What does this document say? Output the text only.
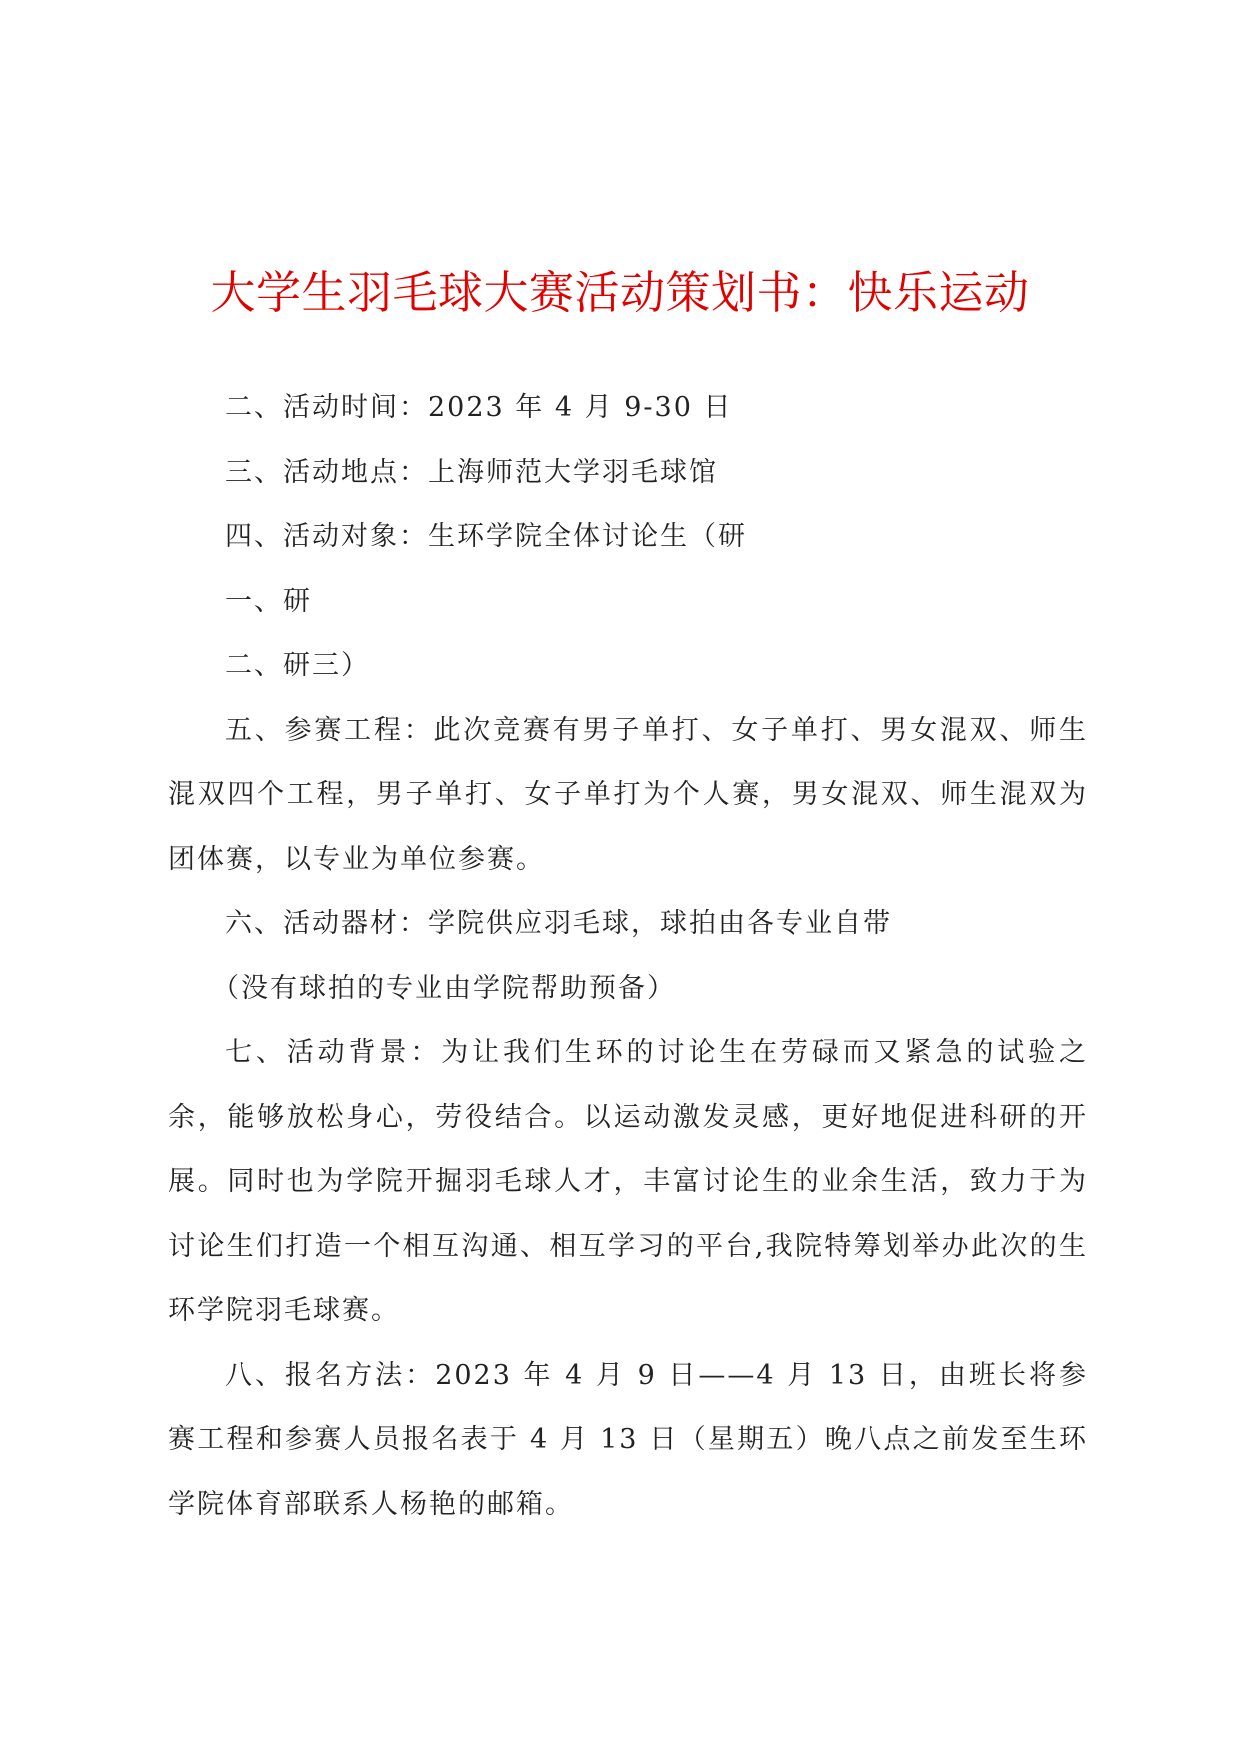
大学生羽毛球大赛活动策划书：快乐运动

二、活动时间：2023 年 4 月 9-30 日

三、活动地点：上海师范大学羽毛球馆

四、活动对象：生环学院全体讨论生（研

一、研

二、研三）

五、参赛工程：此次竞赛有男子单打、女子单打、男女混双、师生混双四个工程，男子单打、女子单打为个人赛，男女混双、师生混双为团体赛，以专业为单位参赛。

六、活动器材：学院供应羽毛球，球拍由各专业自带

（没有球拍的专业由学院帮助预备）

七、活动背景：为让我们生环的讨论生在劳碌而又紧急的试验之余，能够放松身心，劳役结合。以运动激发灵感，更好地促进科研的开展。同时也为学院开掘羽毛球人才，丰富讨论生的业余生活，致力于为讨论生们打造一个相互沟通、相互学习的平台,我院特筹划举办此次的生环学院羽毛球赛。

八、报名方法：2023 年 4 月 9 日——4 月 13 日，由班长将参赛工程和参赛人员报名表于 4 月 13 日（星期五）晚八点之前发至生环学院体育部联系人杨艳的邮箱。
